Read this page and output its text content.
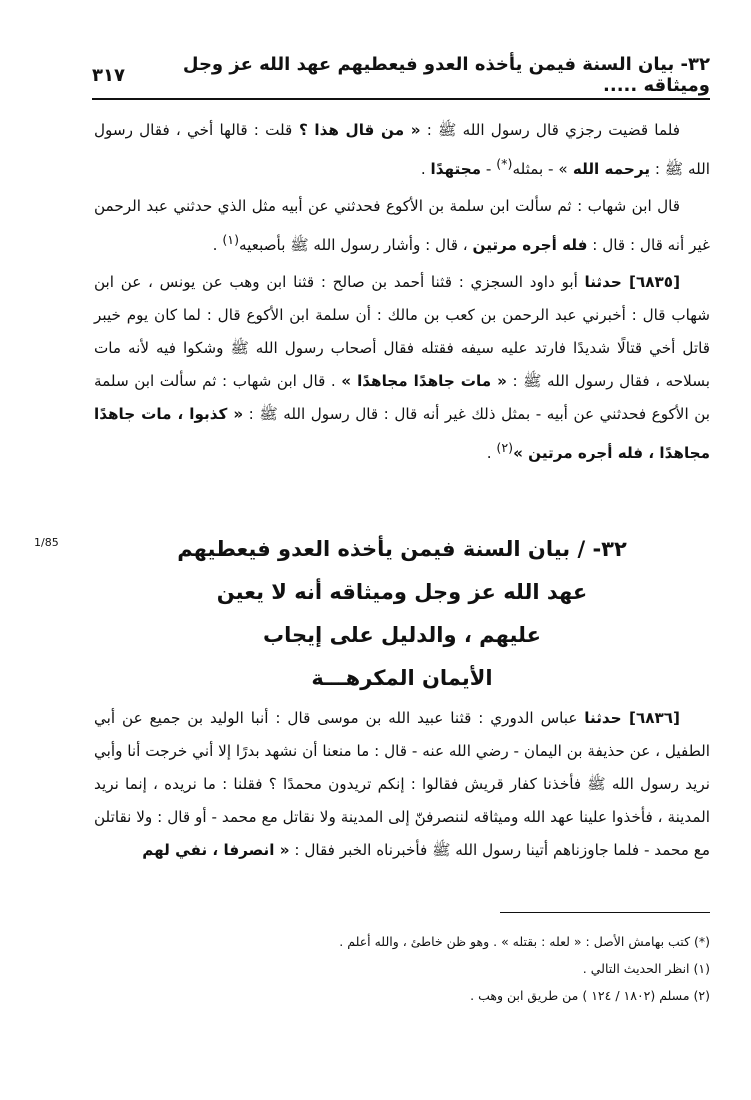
٣٢- بيان السنة فيمن يأخذه العدو فيعطيهم عهد الله عز وجل وميثاقه .....
٣١٧

فلما قضيت رجزي قال رسول الله ﷺ : « من قال هذا ؟ قلت : قالها أخي ، فقال رسول الله ﷺ : يرحمه الله » - بمثله(*) - مجتهدًا .

قال ابن شهاب : ثم سألت ابن سلمة بن الأكوع فحدثني عن أبيه مثل الذي حدثني عبد الرحمن غير أنه قال : قال : فله أجره مرتين ، قال : وأشار رسول الله ﷺ بأصبعيه$^{(١)}$ .

[٦٨٣٥] حدثنا أبو داود السجزي : قثنا أحمد بن صالح : قثنا ابن وهب عن يونس ، عن ابن شهاب قال : أخبرني عبد الرحمن بن كعب بن مالك : أن سلمة ابن الأكوع قال : لما كان يوم خيبر قاتل أخي قتالًا شديدًا فارتد عليه سيفه فقتله فقال أصحاب رسول الله ﷺ وشكوا فيه لأنه مات بسلاحه ، فقال رسول الله ﷺ : « مات جاهدًا مجاهدًا » . قال ابن شهاب : ثم سألت ابن سلمة بن الأكوع فحدثني عن أبيه - بمثل ذلك غير أنه قال : قال رسول الله ﷺ : « كذبوا ، مات جاهدًا مجاهدًا ، فله أجره مرتين »$^{(٢)}$ .

1/85	٣٢- / بيان السنة فيمن يأخذه العدو فيعطيهم
عهد الله عز وجل وميثاقه أنه لا يعين
عليهم ، والدليل على إيجاب
الأيمان المكرهـــة

[٦٨٣٦] حدثنا عباس الدوري : قثنا عبيد الله بن موسى قال : أنبا الوليد بن جميع عن أبي الطفيل ، عن حذيفة بن اليمان - رضي الله عنه - قال : ما منعنا أن نشهد بدرًا إلا أني خرجت أنا وأبي نريد رسول الله ﷺ فأخذنا كفار قريش فقالوا : إنكم تريدون محمدًا ؟ فقلنا : ما نريده ، إنما نريد المدينة ، فأخذوا علينا عهد الله وميثاقه لننصرفنّ إلى المدينة ولا نقاتل مع محمد - أو قال : ولا نقاتلن مع محمد - فلما جاوزناهم أتينا رسول الله ﷺ فأخبرناه الخبر فقال : « انصرفا ، نفي لهم

(*) كتب بهامش الأصل : « لعله : بقتله » . وهو ظن خاطئ ، والله أعلم .
(١) انظر الحديث التالي .
(٢) مسلم (١٨٠٢ / ١٢٤ ) من طريق ابن وهب .
